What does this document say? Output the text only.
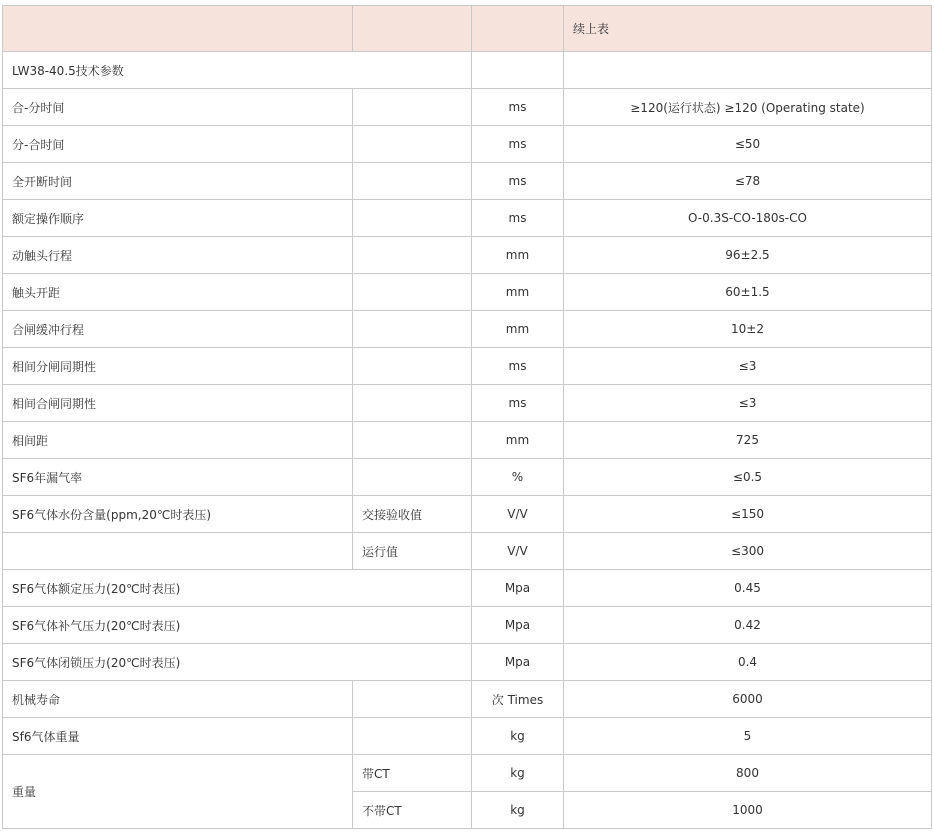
			续上表
LW38-40.5技术参数			
合-分时间		ms	≥120(运行状态) ≥120 (Operating state)
分-合时间		ms	≤50
全开断时间		ms	≤78
额定操作顺序		ms	O-0.3S-CO-180s-CO
动触头行程		mm	96±2.5
触头开距		mm	60±1.5
合闸缓冲行程		mm	10±2
相间分闸同期性		ms	≤3
相间合闸同期性		ms	≤3
相间距		mm	725
SF6年漏气率		%	≤0.5
SF6气体水份含量(ppm,20℃时表压)	交接验收值	V/V	≤150
	运行值	V/V	≤300
SF6气体额定压力(20℃时表压)		Mpa	0.45
SF6气体补气压力(20℃时表压)		Mpa	0.42
SF6气体闭锁压力(20℃时表压)		Mpa	0.4
机械寿命		次 Times	6000
Sf6气体重量		kg	5
重量	带CT	kg	800
	不带CT	kg	1000
